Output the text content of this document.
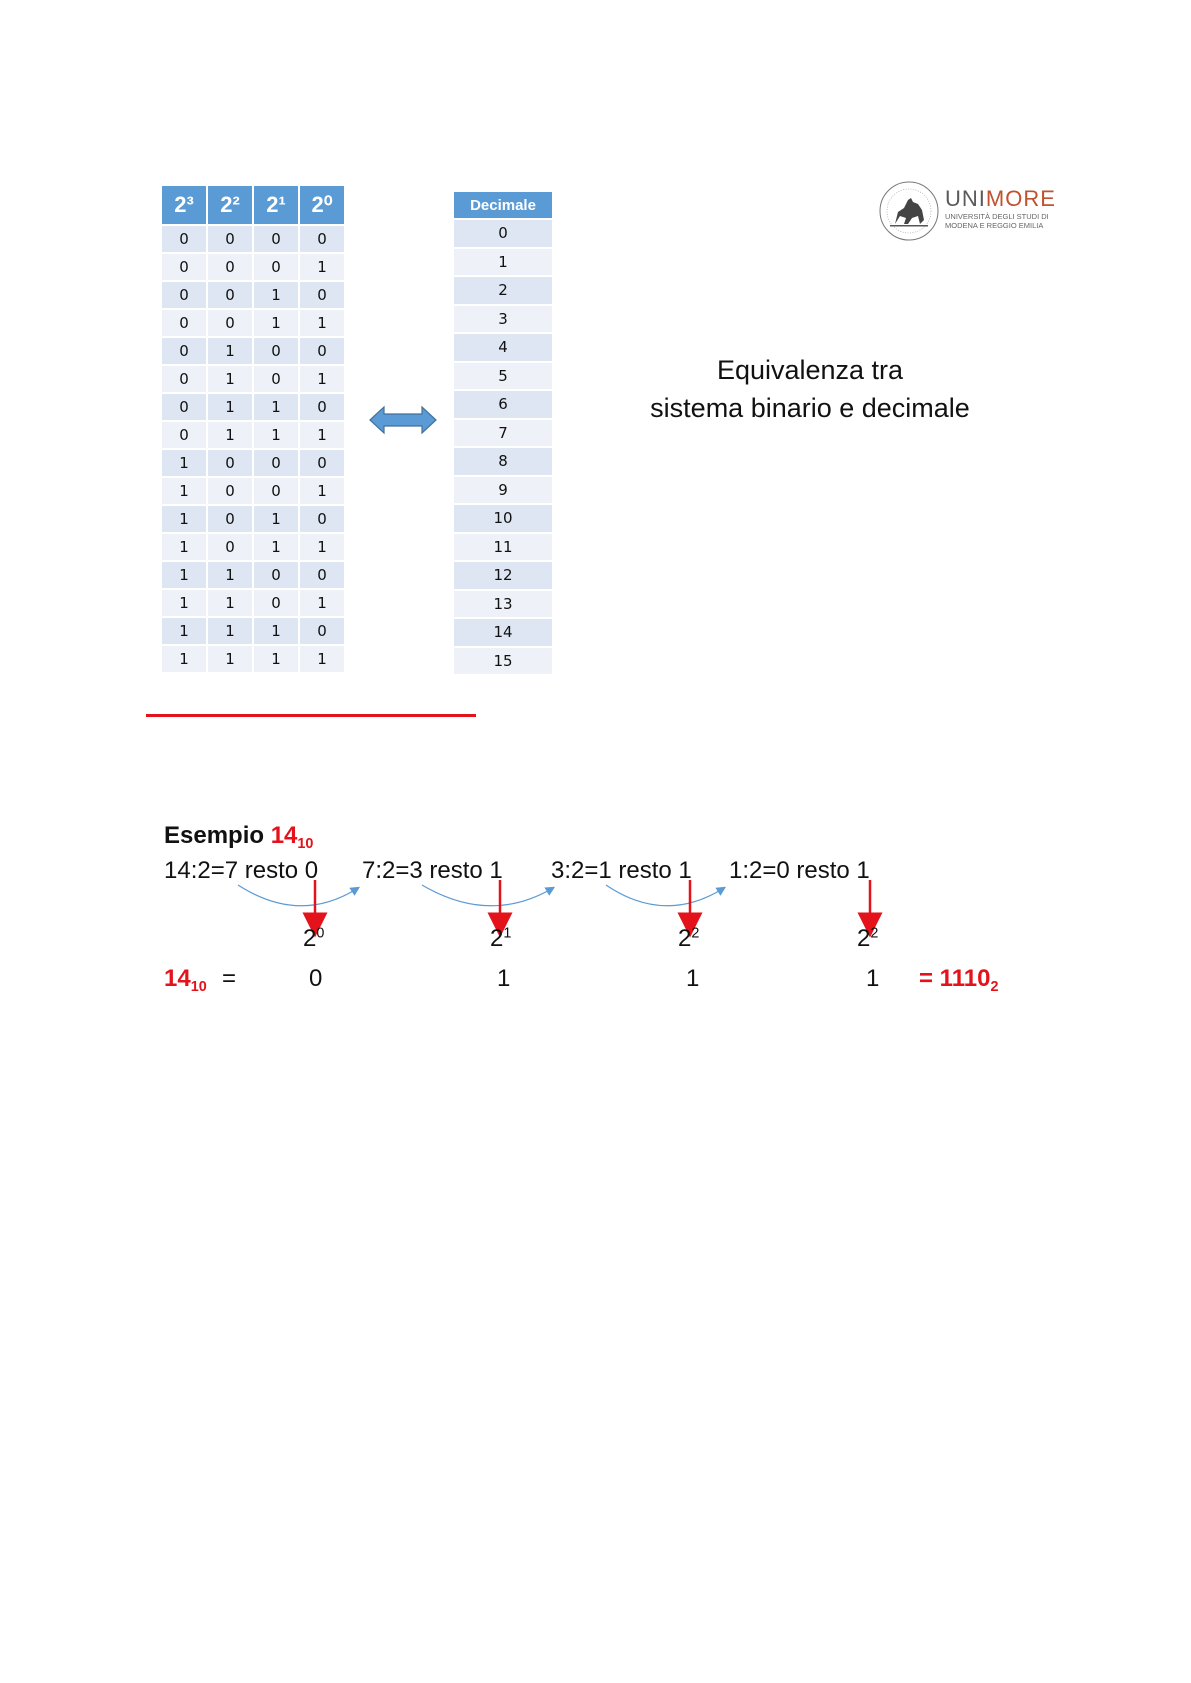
2³	2²	2¹	2⁰
0	0	0	0
0	0	0	1
0	0	1	0
0	0	1	1
0	1	0	0
0	1	0	1
0	1	1	0
0	1	1	1
1	0	0	0
1	0	0	1
1	0	1	0
1	0	1	1
1	1	0	0
1	1	0	1
1	1	1	0
1	1	1	1
Decimale
0
1
2
3
4
5
6
7
8
9
10
11
12
13
14
15
UNIMORE
UNIVERSITÀ DEGLI STUDI DI
MODENA E REGGIO EMILIA
Equivalenza tra
sistema binario e decimale
Esempio $14_{10}$
14:2=7 resto 0 7:2=3 resto 1 3:2=1 resto 1 1:2=0 resto 1
$2^0$	$2^1$	$2^2$	$2^2$
$14_{10}$ =	0	1	1	$1 = 1110_2$
